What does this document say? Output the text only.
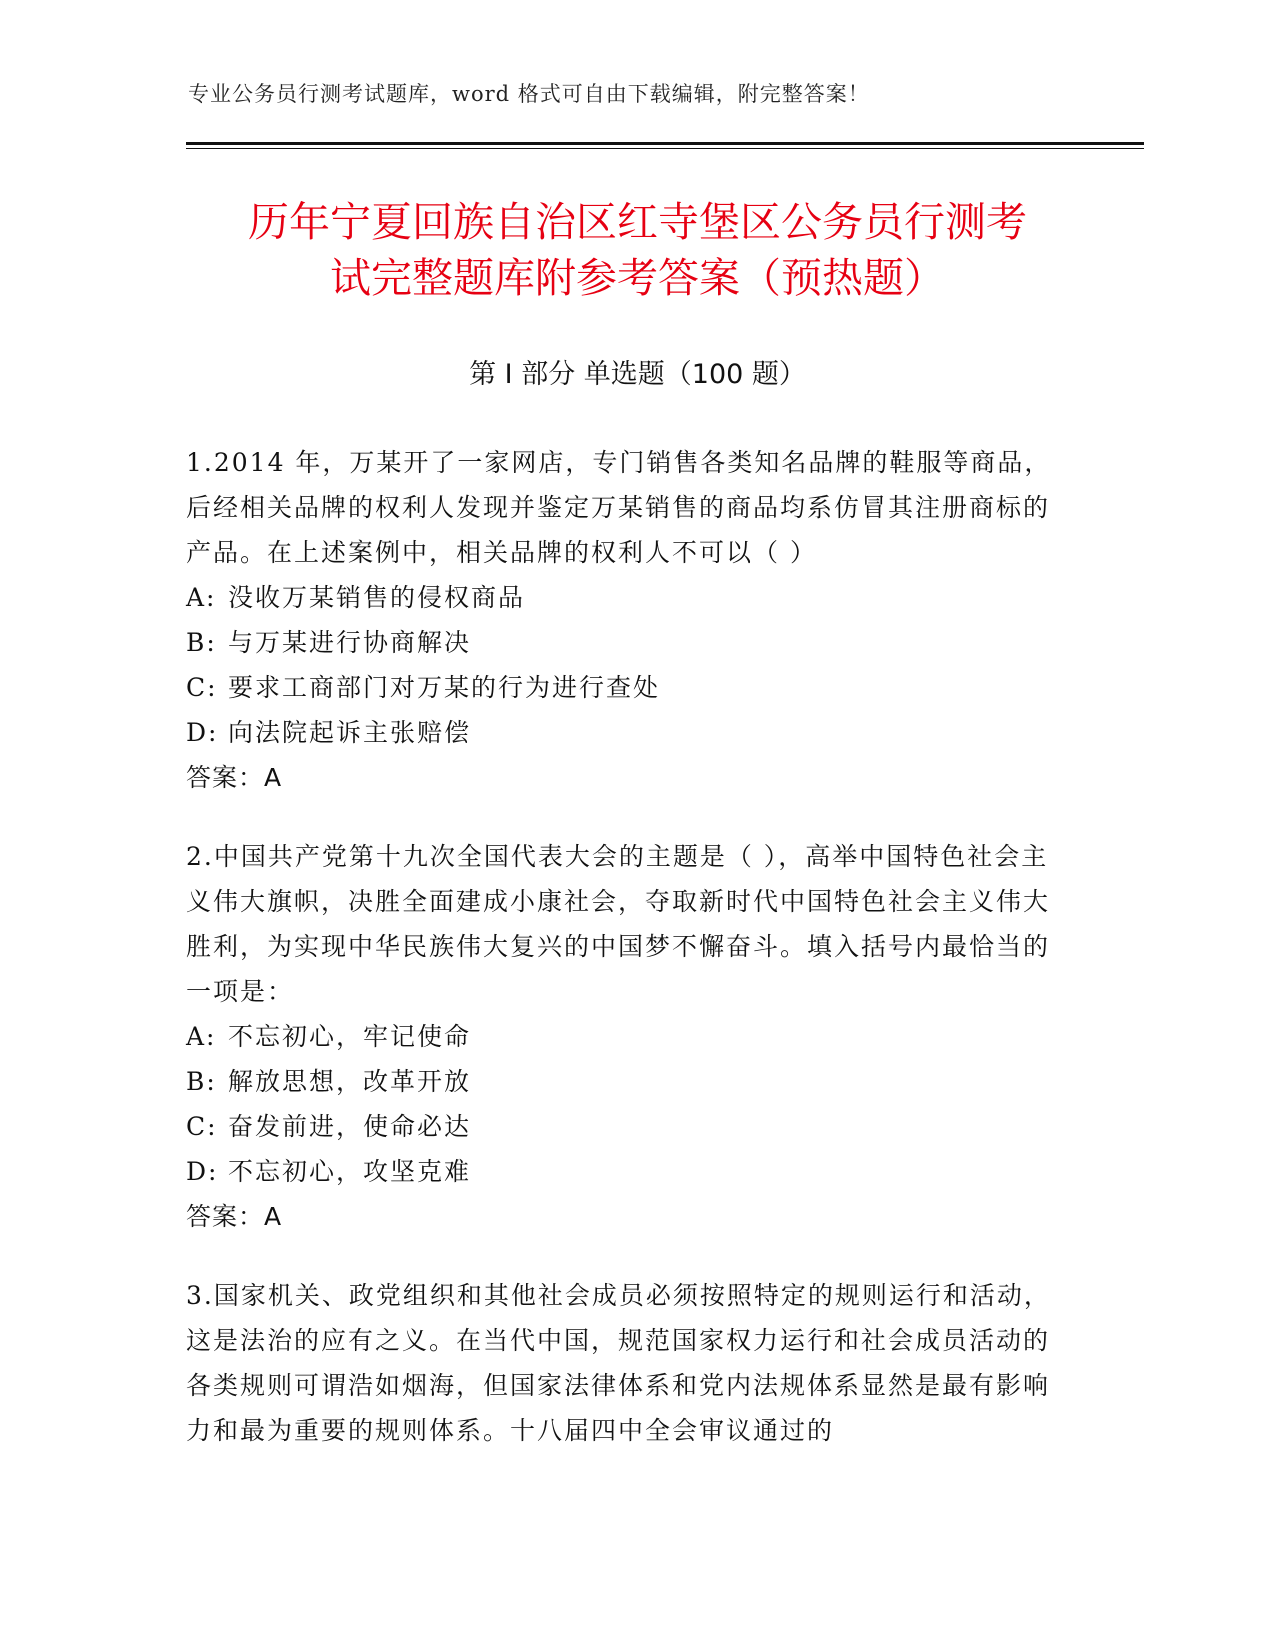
专业公务员行测考试题库，word 格式可自由下载编辑，附完整答案！
历年宁夏回族自治区红寺堡区公务员行测考
试完整题库附参考答案（预热题）
第 I 部分 单选题（100 题）

1.2014 年，万某开了一家网店，专门销售各类知名品牌的鞋服等商品，后经相关品牌的权利人发现并鉴定万某销售的商品均系仿冒其注册商标的产品。在上述案例中，相关品牌的权利人不可以（ ）

A: 没收万某销售的侵权商品
B: 与万某进行协商解决
C: 要求工商部门对万某的行为进行查处
D: 向法院起诉主张赔偿
答案：A

2.中国共产党第十九次全国代表大会的主题是（ ），高举中国特色社会主义伟大旗帜，决胜全面建成小康社会，夺取新时代中国特色社会主义伟大胜利，为实现中华民族伟大复兴的中国梦不懈奋斗。填入括号内最恰当的一项是：

A: 不忘初心，牢记使命
B: 解放思想，改革开放
C: 奋发前进，使命必达
D: 不忘初心，攻坚克难
答案：A

3.国家机关、政党组织和其他社会成员必须按照特定的规则运行和活动，这是法治的应有之义。在当代中国，规范国家权力运行和社会成员活动的各类规则可谓浩如烟海，但国家法律体系和党内法规体系显然是最有影响力和最为重要的规则体系。十八届四中全会审议通过的
